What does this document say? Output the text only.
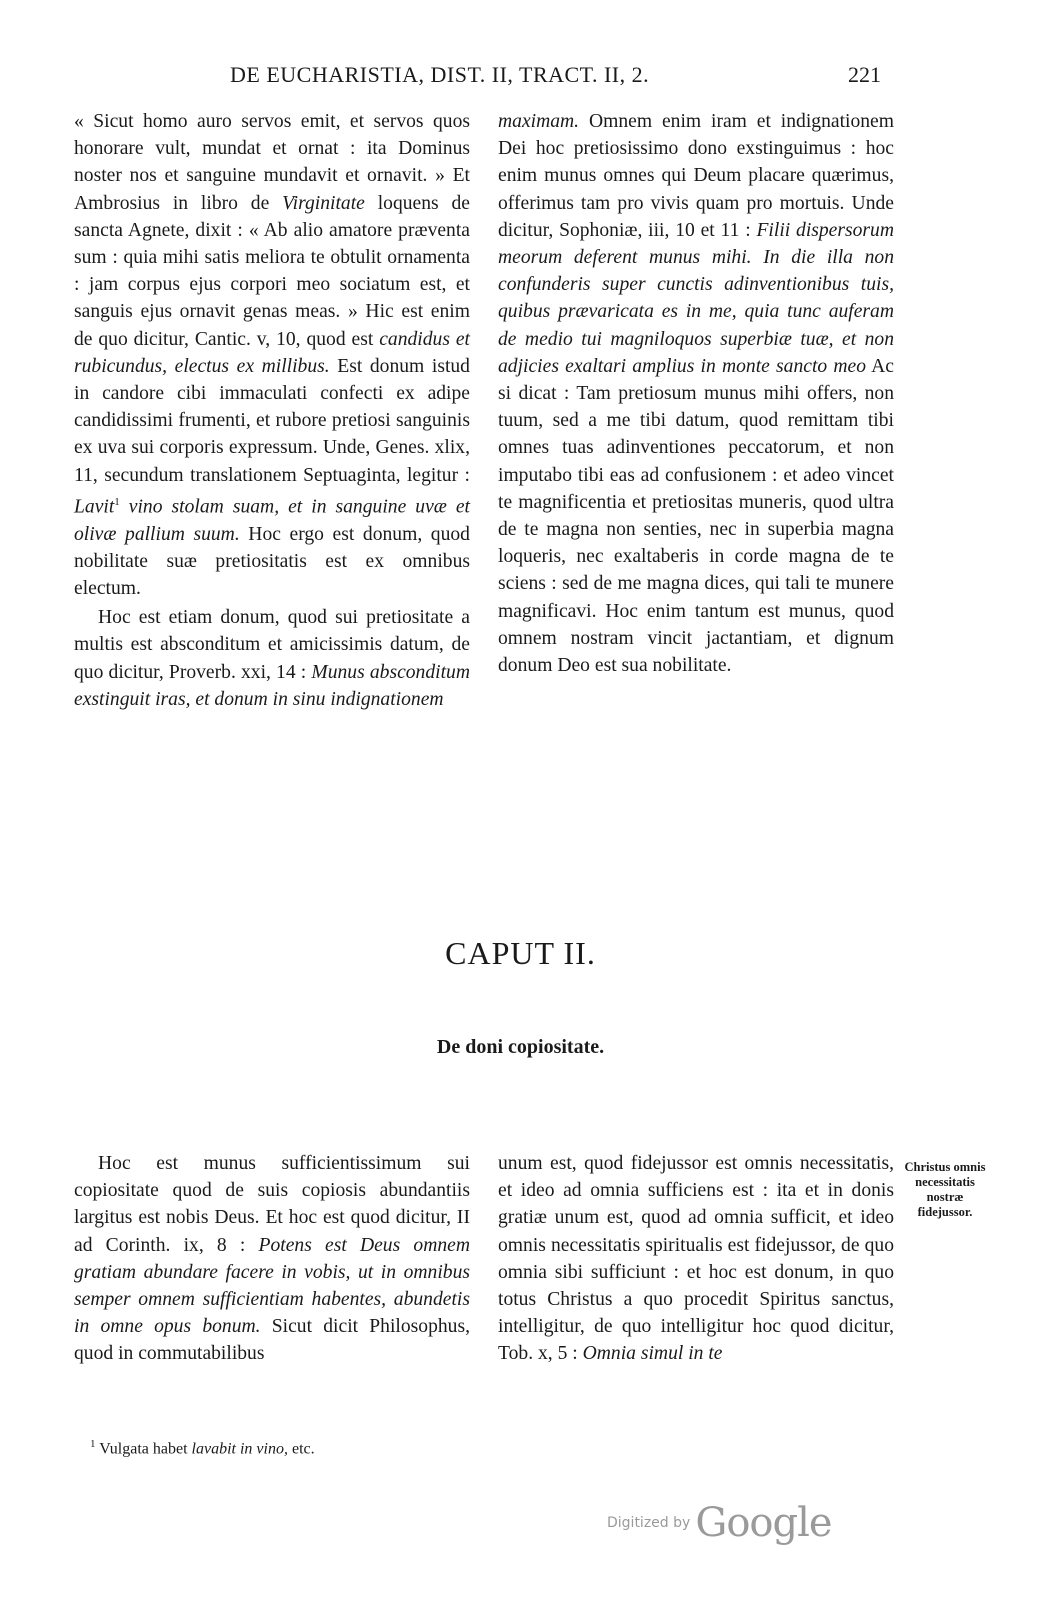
DE EUCHARISTIA, DIST. II, TRACT. II, 2.	221

« Sicut homo auro servos emit, et servos quos honorare vult, mundat et ornat : ita Dominus noster nos et sanguine mundavit et ornavit. » Et Ambrosius in libro de Virginitate loquens de sancta Agnete, dixit : « Ab alio amatore præventa sum : quia mihi satis meliora te obtulit ornamenta : jam corpus ejus corpori meo sociatum est, et sanguis ejus ornavit genas meas. » Hic est enim de quo dicitur, Cantic. v, 10, quod est candidus et rubicundus, electus ex millibus. Est donum istud in candore cibi immaculati confecti ex adipe candidissimi frumenti, et rubore pretiosi sanguinis ex uva sui corporis expressum. Unde, Genes. xlix, 11, secundum translationem Septuaginta, legitur : Lavit$^1$ vino stolam suam, et in sanguine uvæ et olivæ pallium suum. Hoc ergo est donum, quod nobilitate suæ pretiositatis est ex omnibus electum.

Hoc est etiam donum, quod sui pretiositate a multis est absconditum et amicissimis datum, de quo dicitur, Proverb. xxi, 14 : Munus absconditum exstinguit iras, et donum in sinu indignationem

maximam. Omnem enim iram et indignationem Dei hoc pretiosissimo dono exstinguimus : hoc enim munus omnes qui Deum placare quærimus, offerimus tam pro vivis quam pro mortuis. Unde dicitur, Sophoniæ, iii, 10 et 11 : Filii dispersorum meorum deferent munus mihi. In die illa non confunderis super cunctis adinventionibus tuis, quibus prævaricata es in me, quia tunc auferam de medio tui magniloquos superbiæ tuæ, et non adjicies exaltari amplius in monte sancto meo Ac si dicat : Tam pretiosum munus mihi offers, non tuum, sed a me tibi datum, quod remittam tibi omnes tuas adinventiones peccatorum, et non imputabo tibi eas ad confusionem : et adeo vincet te magnificentia et pretiositas muneris, quod ultra de te magna non senties, nec in superbia magna loqueris, nec exaltaberis in corde magna de te sciens : sed de me magna dices, qui tali te munere magnificavi. Hoc enim tantum est munus, quod omnem nostram vincit jactantiam, et dignum donum Deo est sua nobilitate.

CAPUT II.
De doni copiositate.

Hoc est munus sufficientissimum sui copiositate quod de suis copiosis abundantiis largitus est nobis Deus. Et hoc est quod dicitur, II ad Corinth. ix, 8 : Potens est Deus omnem gratiam abundare facere in vobis, ut in omnibus semper omnem sufficientiam habentes, abundetis in omne opus bonum. Sicut dicit Philosophus, quod in commutabilibus

unum est, quod fidejussor est omnis necessitatis, et ideo ad omnia sufficiens est : ita et in donis gratiæ unum est, quod ad omnia sufficit, et ideo omnis necessitatis spiritualis est fidejussor, de quo omnia sibi sufficiunt : et hoc est donum, in quo totus Christus a quo procedit Spiritus sanctus, intelligitur, de quo intelligitur hoc quod dicitur, Tob. x, 5 : Omnia simul in te

Christus omnis necessitatis nostræ fidejussor.
$^1$ Vulgata habet lavabit in vino, etc.
Digitized by Google
